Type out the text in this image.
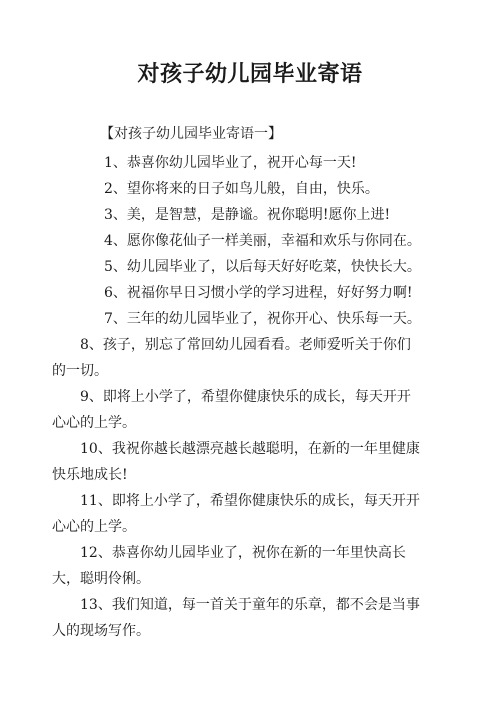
对孩子幼儿园毕业寄语
【对孩子幼儿园毕业寄语一】

1、恭喜你幼儿园毕业了，祝开心每一天!

2、望你将来的日子如鸟儿般，自由，快乐。

3、美，是智慧，是静谧。祝你聪明!愿你上进!

4、愿你像花仙子一样美丽，幸福和欢乐与你同在。

5、幼儿园毕业了，以后每天好好吃菜，快快长大。

6、祝福你早日习惯小学的学习进程，好好努力啊!

7、三年的幼儿园毕业了，祝你开心、快乐每一天。

8、孩子，别忘了常回幼儿园看看。老师爱听关于你们的一切。

9、即将上小学了，希望你健康快乐的成长，每天开开心心的上学。

10、我祝你越长越漂亮越长越聪明，在新的一年里健康快乐地成长!

11、即将上小学了，希望你健康快乐的成长，每天开开心心的上学。

12、恭喜你幼儿园毕业了，祝你在新的一年里快高长大，聪明伶俐。

13、我们知道，每一首关于童年的乐章，都不会是当事人的现场写作。
